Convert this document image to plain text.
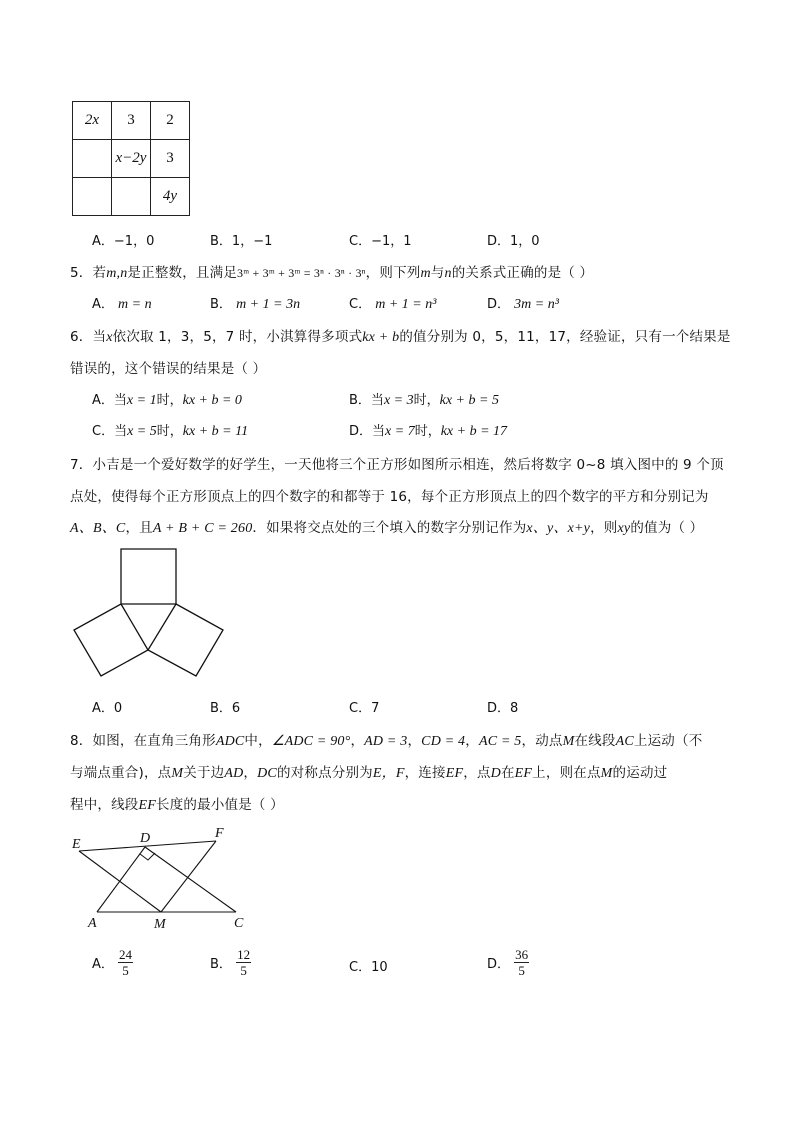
2x	3	2
	x−2y	3
		4y
A．−1，0	B．1，−1	C．−1，1	D．1，0
5．若m,n是正整数，且满足3ᵐ + 3ᵐ + 3ᵐ = 3ⁿ · 3ⁿ · 3ⁿ，则下列m与n的关系式正确的是（ ）
A． m = n	B． m + 1 = 3n	C． m + 1 = n³	D． 3m = n³
6．当x依次取 1，3，5，7 时，小淇算得多项式kx + b的值分别为 0，5，11，17，经验证，只有一个结果是
错误的，这个错误的结果是（ ）
A．当x = 1时，kx + b = 0	B．当x = 3时，kx + b = 5
C．当x = 5时，kx + b = 11	D．当x = 7时，kx + b = 17
7．小吉是一个爱好数学的好学生，一天他将三个正方形如图所示相连，然后将数字 0~8 填入图中的 9 个顶
点处，使得每个正方形顶点上的四个数字的和都等于 16，每个正方形顶点上的四个数字的平方和分别记为
A、B、C，且A + B + C = 260．如果将交点处的三个填入的数字分别记作为x、y、x+y，则xy的值为（ ）
A．0	B．6	C．7	D．8
8．如图，在直角三角形ADC中，∠ADC = 90°，AD = 3，CD = 4，AC = 5，动点M在线段AC上运动（不
与端点重合)，点M关于边AD，DC的对称点分别为E，F，连接EF，点D在EF上，则在点M的运动过
程中，线段EF长度的最小值是（ ）
E	D	F
A	M	C
A． $\frac{24}{5}$	B． $\frac{12}{5}$	C．10	D． $\frac{36}{5}$
